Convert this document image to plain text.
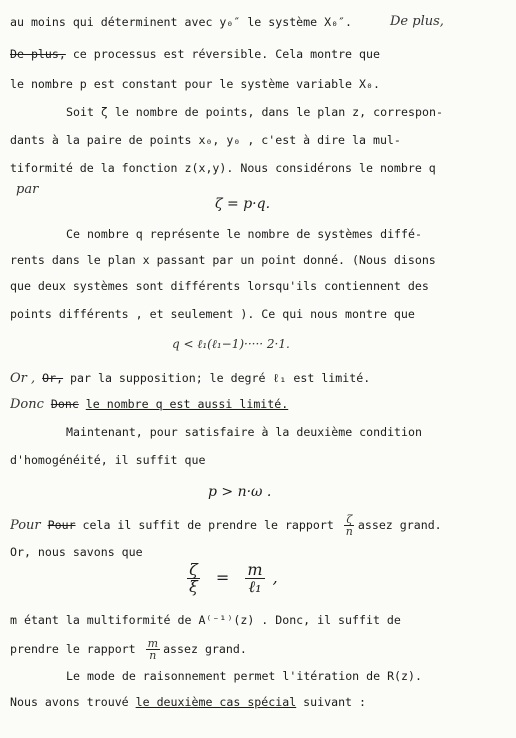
au moins qui déterminent avec y₀″ le système X₀″.	De plus,
De plus, ce processus est réversible. Cela montre que
le nombre p est constant pour le système variable X₀.
Soit ζ le nombre de points, dans le plan z, correspon-
dants à la paire de points x₀, y₀ , c'est à dire la mul-
tiformité de la fonction z(x,y). Nous considérons le nombre q
par
ζ = p·q.
Ce nombre q représente le nombre de systèmes diffé-
rents dans le plan x passant par un point donné. (Nous disons
que deux systèmes sont différents lorsqu'ils contiennent des
points différents , et seulement ). Ce qui nous montre que
q < ℓ₁(ℓ₁−1)····· 2·1.
Or , Or, par la supposition; le degré ℓ₁ est limité.
Donc Donc le nombre q est aussi limité.
Maintenant, pour satisfaire à la deuxième condition
d'homogénéité, il suffit que
p > n·ω .
Pour Pour cela il suffit de prendre le rapport $\frac{\zeta}{n}$ assez grand.
Or, nous savons que
$\frac{\zeta}{\xi} = \frac{m}{\text{ℓ₁}}$ ,
m étant la multiformité de A⁽⁻¹⁾(z) . Donc, il suffit de
prendre le rapport $\frac{m}{n}$ assez grand.
Le mode de raisonnement permet l'itération de R(z).
Nous avons trouvé le deuxième cas spécial suivant :
